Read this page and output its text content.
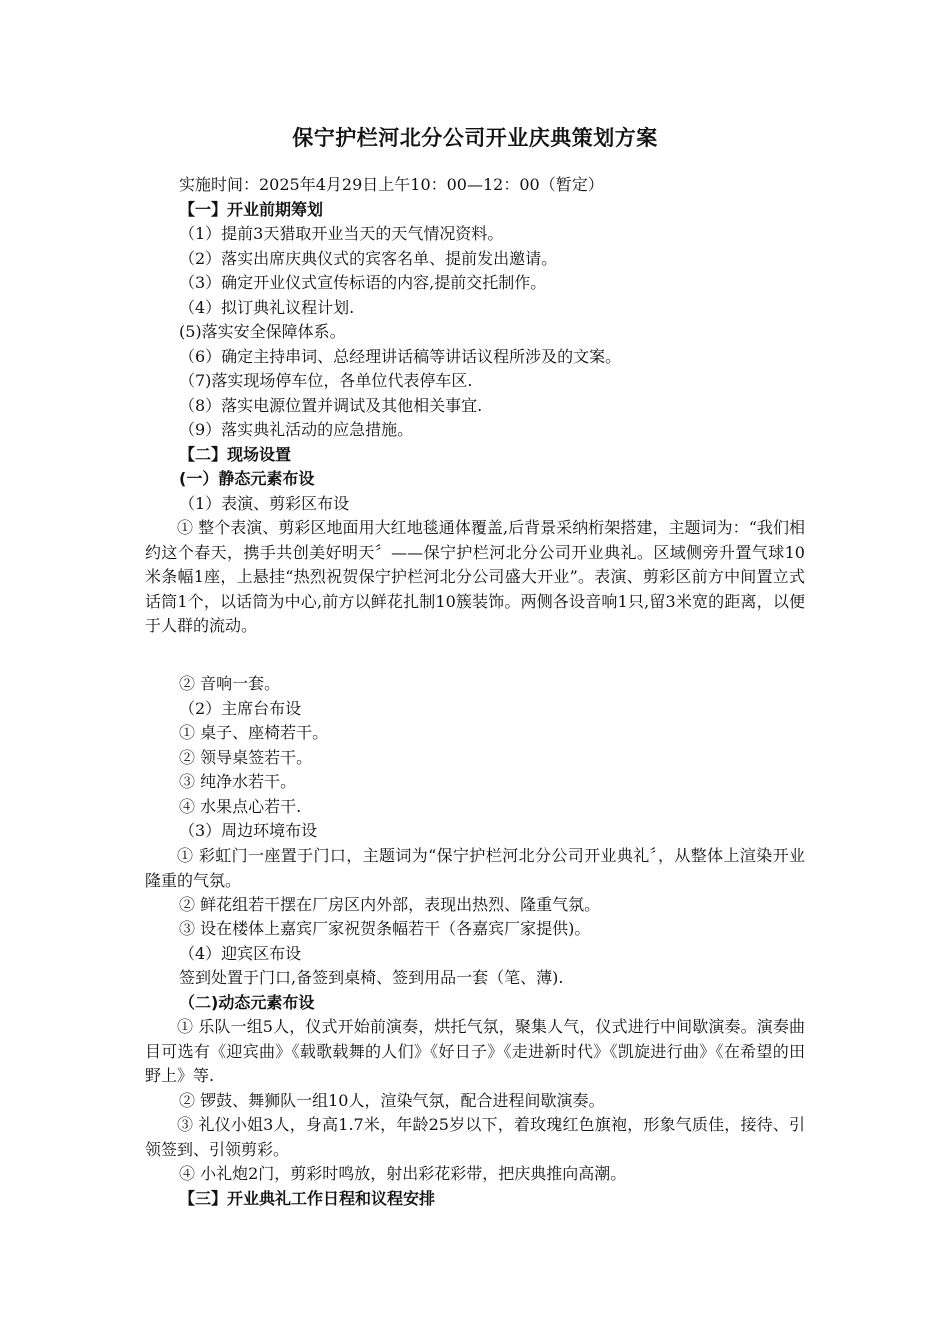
保宁护栏河北分公司开业庆典策划方案
实施时间：2025年4月29日上午10：00—12：00（暂定）
【一】开业前期筹划
（1）提前3天猎取开业当天的天气情况资料。
（2）落实出席庆典仪式的宾客名单、提前发出邀请。
（3）确定开业仪式宣传标语的内容,提前交托制作。
（4）拟订典礼议程计划.
(5)落实安全保障体系。
（6）确定主持串词、总经理讲话稿等讲话议程所涉及的文案。
（7)落实现场停车位，各单位代表停车区.
（8）落实电源位置并调试及其他相关事宜.
（9）落实典礼活动的应急措施。
【二】现场设置
(一）静态元素布设
（1）表演、剪彩区布设
① 整个表演、剪彩区地面用大红地毯通体覆盖,后背景采纳桁架搭建，主题词为：“我们相约这个春天，携手共创美好明天〞——保宁护栏河北分公司开业典礼。区域侧旁升置气球10米条幅1座，上悬挂“热烈祝贺保宁护栏河北分公司盛大开业”。表演、剪彩区前方中间置立式话筒1个，以话筒为中心,前方以鲜花扎制10簇装饰。两侧各设音响1只,留3米宽的距离，以便于人群的流动。
② 音响一套。
（2）主席台布设
① 桌子、座椅若干。
② 领导桌签若干。
③ 纯净水若干。
④ 水果点心若干.
（3）周边环境布设
① 彩虹门一座置于门口，主题词为“保宁护栏河北分公司开业典礼〞，从整体上渲染开业隆重的气氛。
② 鲜花组若干摆在厂房区内外部，表现出热烈、隆重气氛。
③ 设在楼体上嘉宾厂家祝贺条幅若干（各嘉宾厂家提供)。
（4）迎宾区布设
签到处置于门口,备签到桌椅、签到用品一套（笔、薄).
（二)动态元素布设
① 乐队一组5人，仪式开始前演奏，烘托气氛，聚集人气，仪式进行中间歇演奏。演奏曲目可选有《迎宾曲》《载歌载舞的人们》《好日子》《走进新时代》《凯旋进行曲》《在希望的田野上》等.
② 锣鼓、舞狮队一组10人，渲染气氛，配合进程间歇演奏。
③ 礼仪小姐3人，身高1.7米，年龄25岁以下，着玫瑰红色旗袍，形象气质佳，接待、引领签到、引领剪彩。
④ 小礼炮2门，剪彩时鸣放，射出彩花彩带，把庆典推向高潮。
【三】开业典礼工作日程和议程安排
